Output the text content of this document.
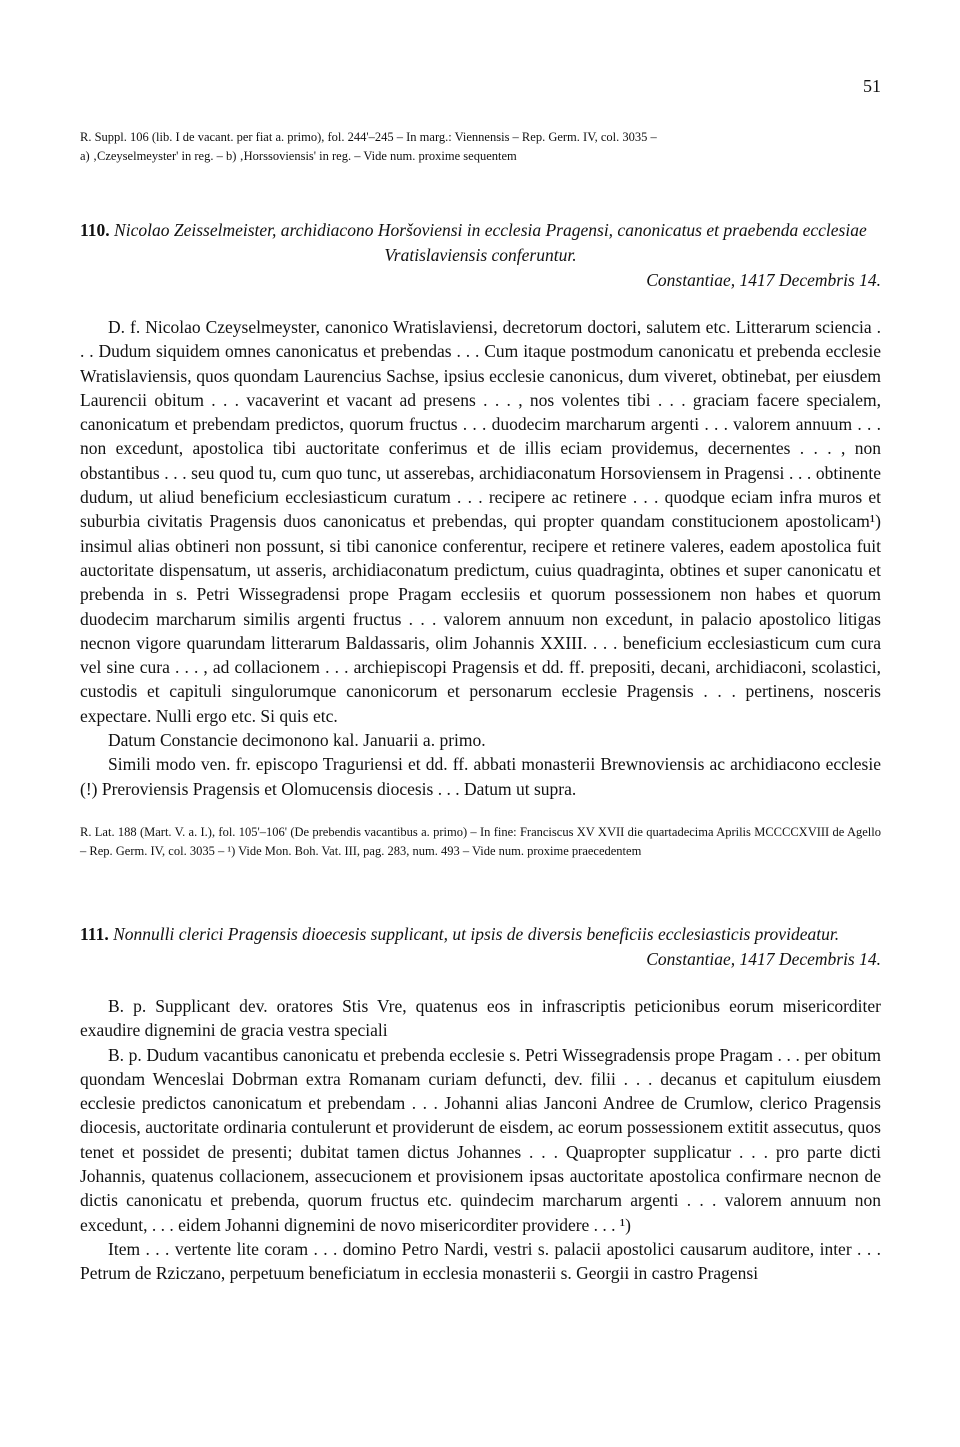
51

R. Suppl. 106 (lib. I de vacant. per fiat a. primo), fol. 244'–245 – In marg.: Viennensis – Rep. Germ. IV, col. 3035 –

a) ‚Czeyselmeyster' in reg. – b) ‚Horssoviensis' in reg. – Vide num. proxime sequentem

110. Nicolao Zeisselmeister, archidiacono Horšoviensi in ecclesia Pragensi, canonicatus et praebenda ecclesiae

Vratislaviensis conferuntur.

Constantiae, 1417 Decembris 14.

D. f. Nicolao Czeyselmeyster, canonico Wratislaviensi, decretorum doctori, salutem etc. Litterarum sciencia . . . Dudum siquidem omnes canonicatus et prebendas . . . Cum itaque postmodum canonicatu et prebenda ecclesie Wratislaviensis, quos quondam Laurencius Sachse, ipsius ecclesie canonicus, dum viveret, obtinebat, per eiusdem Laurencii obitum . . . vacaverint et vacant ad presens . . . , nos volentes tibi . . . graciam facere specialem, canonicatum et prebendam predictos, quorum fructus . . . duodecim marcharum argenti . . . valorem annuum . . . non excedunt, apostolica tibi auctoritate conferimus et de illis eciam providemus, decernentes . . . , non obstantibus . . . seu quod tu, cum quo tunc, ut asserebas, archidiaconatum Horsoviensem in Pragensi . . . obtinente dudum, ut aliud beneficium ecclesiasticum curatum . . . recipere ac retinere . . . quodque eciam infra muros et suburbia civitatis Pragensis duos canonicatus et prebendas, qui propter quandam constitucionem apostolicam¹) insimul alias obtineri non possunt, si tibi canonice conferentur, recipere et retinere valeres, eadem apostolica fuit auctoritate dispensatum, ut asseris, archidiaconatum predictum, cuius quadraginta, obtines et super canonicatu et prebenda in s. Petri Wissegradensi prope Pragam ecclesiis et quorum possessionem non habes et quorum duodecim marcharum similis argenti fructus . . . valorem annuum non excedunt, in palacio apostolico litigas necnon vigore quarundam litterarum Baldassaris, olim Johannis XXIII. . . . beneficium ecclesiasticum cum cura vel sine cura . . . , ad collacionem . . . archiepiscopi Pragensis et dd. ff. prepositi, decani, archidiaconi, scolastici, custodis et capituli singulorumque canonicorum et personarum ecclesie Pragensis . . . pertinens, nosceris expectare. Nulli ergo etc. Si quis etc.

Datum Constancie decimonono kal. Januarii a. primo.

Simili modo ven. fr. episcopo Traguriensi et dd. ff. abbati monasterii Brewnoviensis ac archidiacono ecclesie (!) Preroviensis Pragensis et Olomucensis diocesis . . . Datum ut supra.

R. Lat. 188 (Mart. V. a. I.), fol. 105'–106' (De prebendis vacantibus a. primo) – In fine: Franciscus XV XVII die quartadecima Aprilis MCCCCXVIII de Agello – Rep. Germ. IV, col. 3035 – ¹) Vide Mon. Boh. Vat. III, pag. 283, num. 493 – Vide num. proxime praecedentem

111. Nonnulli clerici Pragensis dioecesis supplicant, ut ipsis de diversis beneficiis ecclesiasticis provideatur.

Constantiae, 1417 Decembris 14.

B. p. Supplicant dev. oratores Stis Vre, quatenus eos in infrascriptis peticionibus eorum misericorditer exaudire dignemini de gracia vestra speciali

B. p. Dudum vacantibus canonicatu et prebenda ecclesie s. Petri Wissegradensis prope Pragam . . . per obitum quondam Wenceslai Dobrman extra Romanam curiam defuncti, dev. filii . . . decanus et capitulum eiusdem ecclesie predictos canonicatum et prebendam . . . Johanni alias Janconi Andree de Crumlow, clerico Pragensis diocesis, auctoritate ordinaria contulerunt et providerunt de eisdem, ac eorum possessionem extitit assecutus, quos tenet et possidet de presenti; dubitat tamen dictus Johannes . . . Quapropter supplicatur . . . pro parte dicti Johannis, quatenus collacionem, assecucionem et provisionem ipsas auctoritate apostolica confirmare necnon de dictis canonicatu et prebenda, quorum fructus etc. quindecim marcharum argenti . . . valorem annuum non excedunt, . . . eidem Johanni dignemini de novo misericorditer providere . . . ¹)

Item . . . vertente lite coram . . . domino Petro Nardi, vestri s. palacii apostolici causarum auditore, inter . . . Petrum de Rziczano, perpetuum beneficiatum in ecclesia monasterii s. Georgii in castro Pragensi
